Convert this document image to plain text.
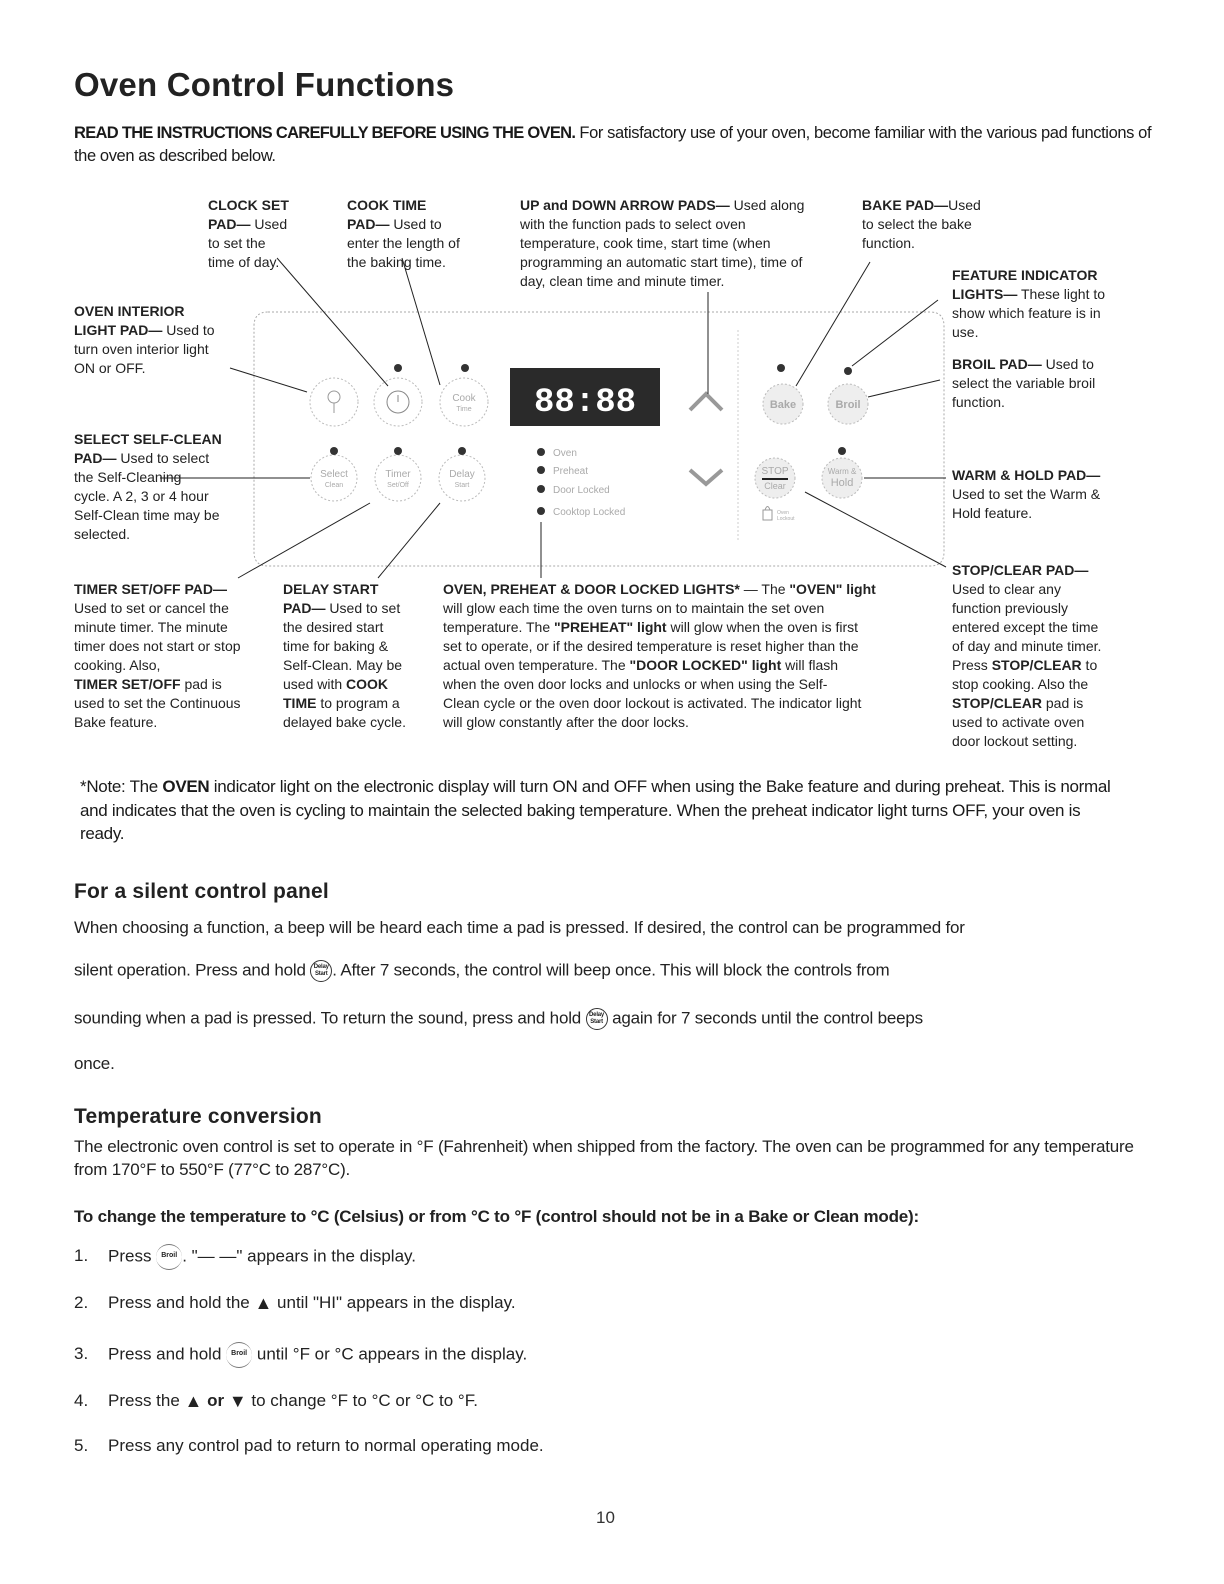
Oven Control Functions
READ THE INSTRUCTIONS CAREFULLY BEFORE USING THE OVEN. For satisfactory use of your oven, become familiar with the various pad functions of the oven as described below.
Cook
Time 88:88	Bake	Broil
Select
Clean
Timer
Set/Off
Delay
Start
Oven
Preheat
Door Locked
Cooktop Locked
STOP
Clear
Oven
Lockout
Warm &
Hold
CLOCK SET
PAD— Used
to set the
time of day.
COOK TIME
PAD— Used to
enter the length of
the baking time.
UP and DOWN ARROW PADS— Used along
with the function pads to select oven
temperature, cook time, start time (when
programming an automatic start time), time of
day, clean time and minute timer.
BAKE PAD—Used
to select the bake
function.
FEATURE INDICATOR
LIGHTS— These light to
show which feature is in
use.
BROIL PAD— Used to
select the variable broil
function.
OVEN INTERIOR
LIGHT PAD— Used to
turn oven interior light
ON or OFF.
SELECT SELF-CLEAN
PAD— Used to select
the Self-Cleaning
cycle. A 2, 3 or 4 hour
Self-Clean time may be
selected.
WARM & HOLD PAD—
Used to set the Warm &
Hold feature.
TIMER SET/OFF PAD—
Used to set or cancel the
minute timer. The minute
timer does not start or stop
cooking. Also,
TIMER SET/OFF pad is
used to set the Continuous
Bake feature.
DELAY START
PAD— Used to set
the desired start
time for baking &
Self-Clean. May be
used with COOK
TIME to program a
delayed bake cycle.
OVEN, PREHEAT & DOOR LOCKED LIGHTS* — The "OVEN" light
will glow each time the oven turns on to maintain the set oven
temperature. The "PREHEAT" light will glow when the oven is first
set to operate, or if the desired temperature is reset higher than the
actual oven temperature. The "DOOR LOCKED" light will flash
when the oven door locks and unlocks or when using the Self-
Clean cycle or the oven door lockout is activated. The indicator light
will glow constantly after the door locks.
STOP/CLEAR PAD—
Used to clear any
function previously
entered except the time
of day and minute timer.
Press STOP/CLEAR to
stop cooking. Also the
STOP/CLEAR pad is
used to activate oven
door lockout setting.
*Note: The OVEN indicator light on the electronic display will turn ON and OFF when using the Bake feature and during preheat. This is normal and indicates that the oven is cycling to maintain the selected baking temperature. When the preheat indicator light turns OFF, your oven is ready.
For a silent control panel
When choosing a function, a beep will be heard each time a pad is pressed. If desired, the control can be programmed for
silent operation. Press and hold Delay
Start . After 7 seconds, the control will beep once. This will block the controls from
sounding when a pad is pressed. To return the sound, press and hold Delay
Start again for 7 seconds until the control beeps
once.
Temperature conversion
The electronic oven control is set to operate in °F (Fahrenheit) when shipped from the factory. The oven can be programmed for any temperature from 170°F to 550°F (77°C to 287°C).
To change the temperature to °C (Celsius) or from °C to °F (control should not be in a Bake or Clean mode):
1. Press Broil . "— —" appears in the display.
2. Press and hold the ▲ until "HI" appears in the display.
3. Press and hold Broil until °F or °C appears in the display.
4. Press the ▲ or ▼ to change °F to °C or °C to °F.
5. Press any control pad to return to normal operating mode.
10
